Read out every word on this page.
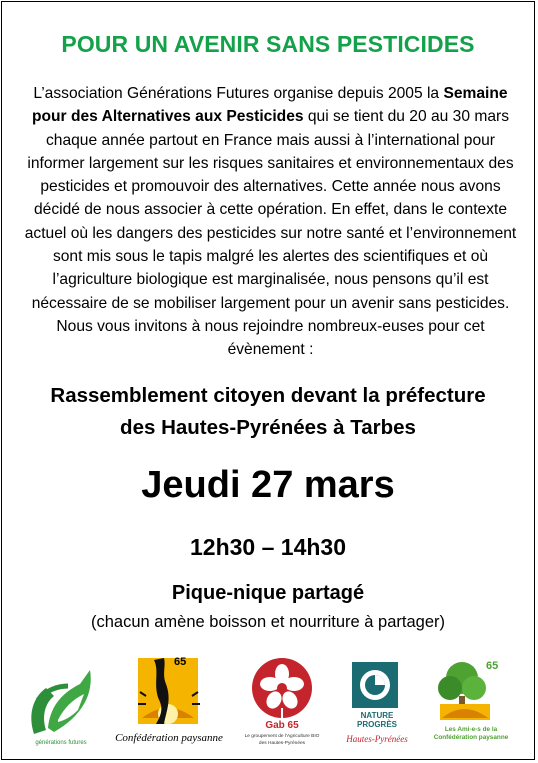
POUR UN AVENIR SANS PESTICIDES
L’association Générations Futures organise depuis 2005 la Semaine pour des Alternatives aux Pesticides qui se tient du 20 au 30 mars chaque année partout en France mais aussi à l’international pour informer largement sur les risques sanitaires et environnementaux des pesticides et promouvoir des alternatives. Cette année nous avons décidé de nous associer à cette opération. En effet, dans le contexte actuel où les dangers des pesticides sur notre santé et l’environnement sont mis sous le tapis malgré les alertes des scientifiques et où l’agriculture biologique est marginalisée, nous pensons qu’il est nécessaire de se mobiliser largement pour un avenir sans pesticides. Nous vous invitons à nous rejoindre nombreux-euses pour cet évènement :
Rassemblement citoyen devant la préfecture
des Hautes-Pyrénées à Tarbes
Jeudi 27 mars
12h30 – 14h30
Pique-nique partagé
(chacun amène boisson et nourriture à partager)
générations futures
65
Confédération paysanne
Gab 65
Le groupement de l'Agriculture BIO
des Hautes-Pyrénées
NATURE
PROGRÈS
Hautes-Pyrénées
65
Les Ami-e-s de la
Confédération paysanne
